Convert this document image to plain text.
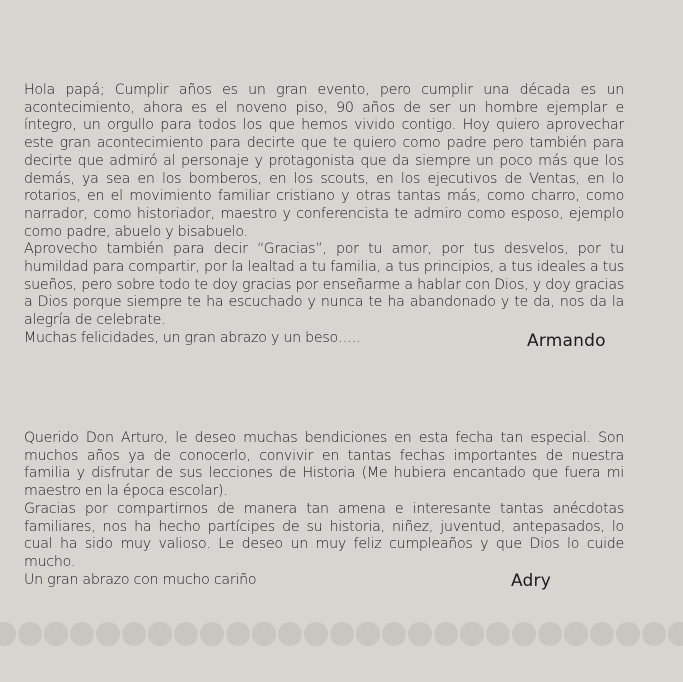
Hola papá; Cumplir años es un gran evento, pero cumplir una década es un acontecimiento, ahora es el noveno piso, 90 años de ser un hombre ejemplar e íntegro, un orgullo para todos los que hemos vivido contigo. Hoy quiero aprovechar este gran acontecimiento para decirte que te quiero como padre pero también para decirte que admiró al personaje y protagonista que da siempre un poco más que los demás, ya sea en los bomberos, en los scouts, en los ejecutivos de Ventas, en lo rotarios, en el movimiento familiar cristiano y otras tantas más, como charro, como narrador, como historiador, maestro y conferencista te admiro como esposo, ejemplo como padre, abuelo y bisabuelo.

Aprovecho también para decir “Gracias”, por tu amor, por tus desvelos, por tu humildad para compartir, por la lealtad a tu familia, a tus principios, a tus ideales a tus sueños, pero sobre todo te doy gracias por enseñarme a hablar con Dios, y doy gracias a Dios porque siempre te ha escuchado y nunca te ha abandonado y te da, nos da la alegría de celebrate.

Muchas felicidades, un gran abrazo y un beso…..	Armando

Querido Don Arturo, le deseo muchas bendiciones en esta fecha tan especial. Son muchos años ya de conocerlo, convivir en tantas fechas importantes de nuestra familia y disfrutar de sus lecciones de Historia (Me hubiera encantado que fuera mi maestro en la época escolar).

Gracias por compartirnos de manera tan amena e interesante tantas anécdotas familiares, nos ha hecho partícipes de su historia, niñez, juventud, antepasados, lo cual ha sido muy valioso. Le deseo un muy feliz cumpleaños y que Dios lo cuide mucho.

Un gran abrazo con mucho cariño	Adry
